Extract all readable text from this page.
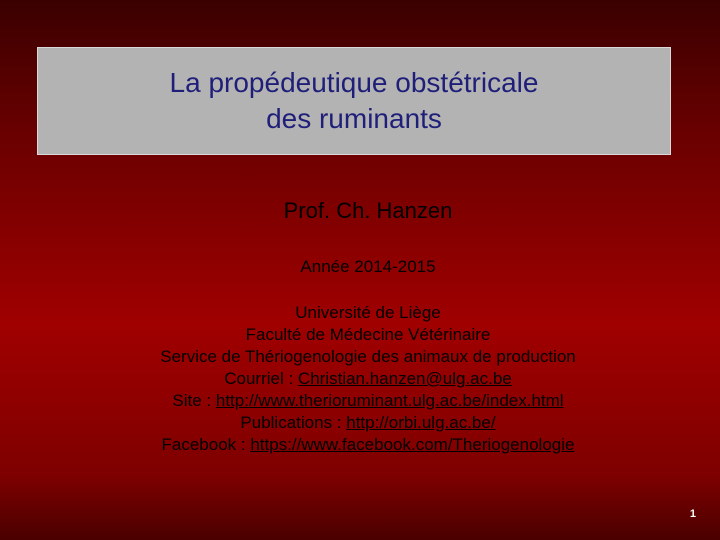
La propédeutique obstétricale
des ruminants
Prof. Ch. Hanzen
Année 2014-2015
Université de Liège
Faculté de Médecine Vétérinaire
Service de Thériogenologie des animaux de production
Courriel : Christian.hanzen@ulg.ac.be
Site : http://www.therioruminant.ulg.ac.be/index.html
Publications : http://orbi.ulg.ac.be/
Facebook : https://www.facebook.com/Theriogenologie
1
